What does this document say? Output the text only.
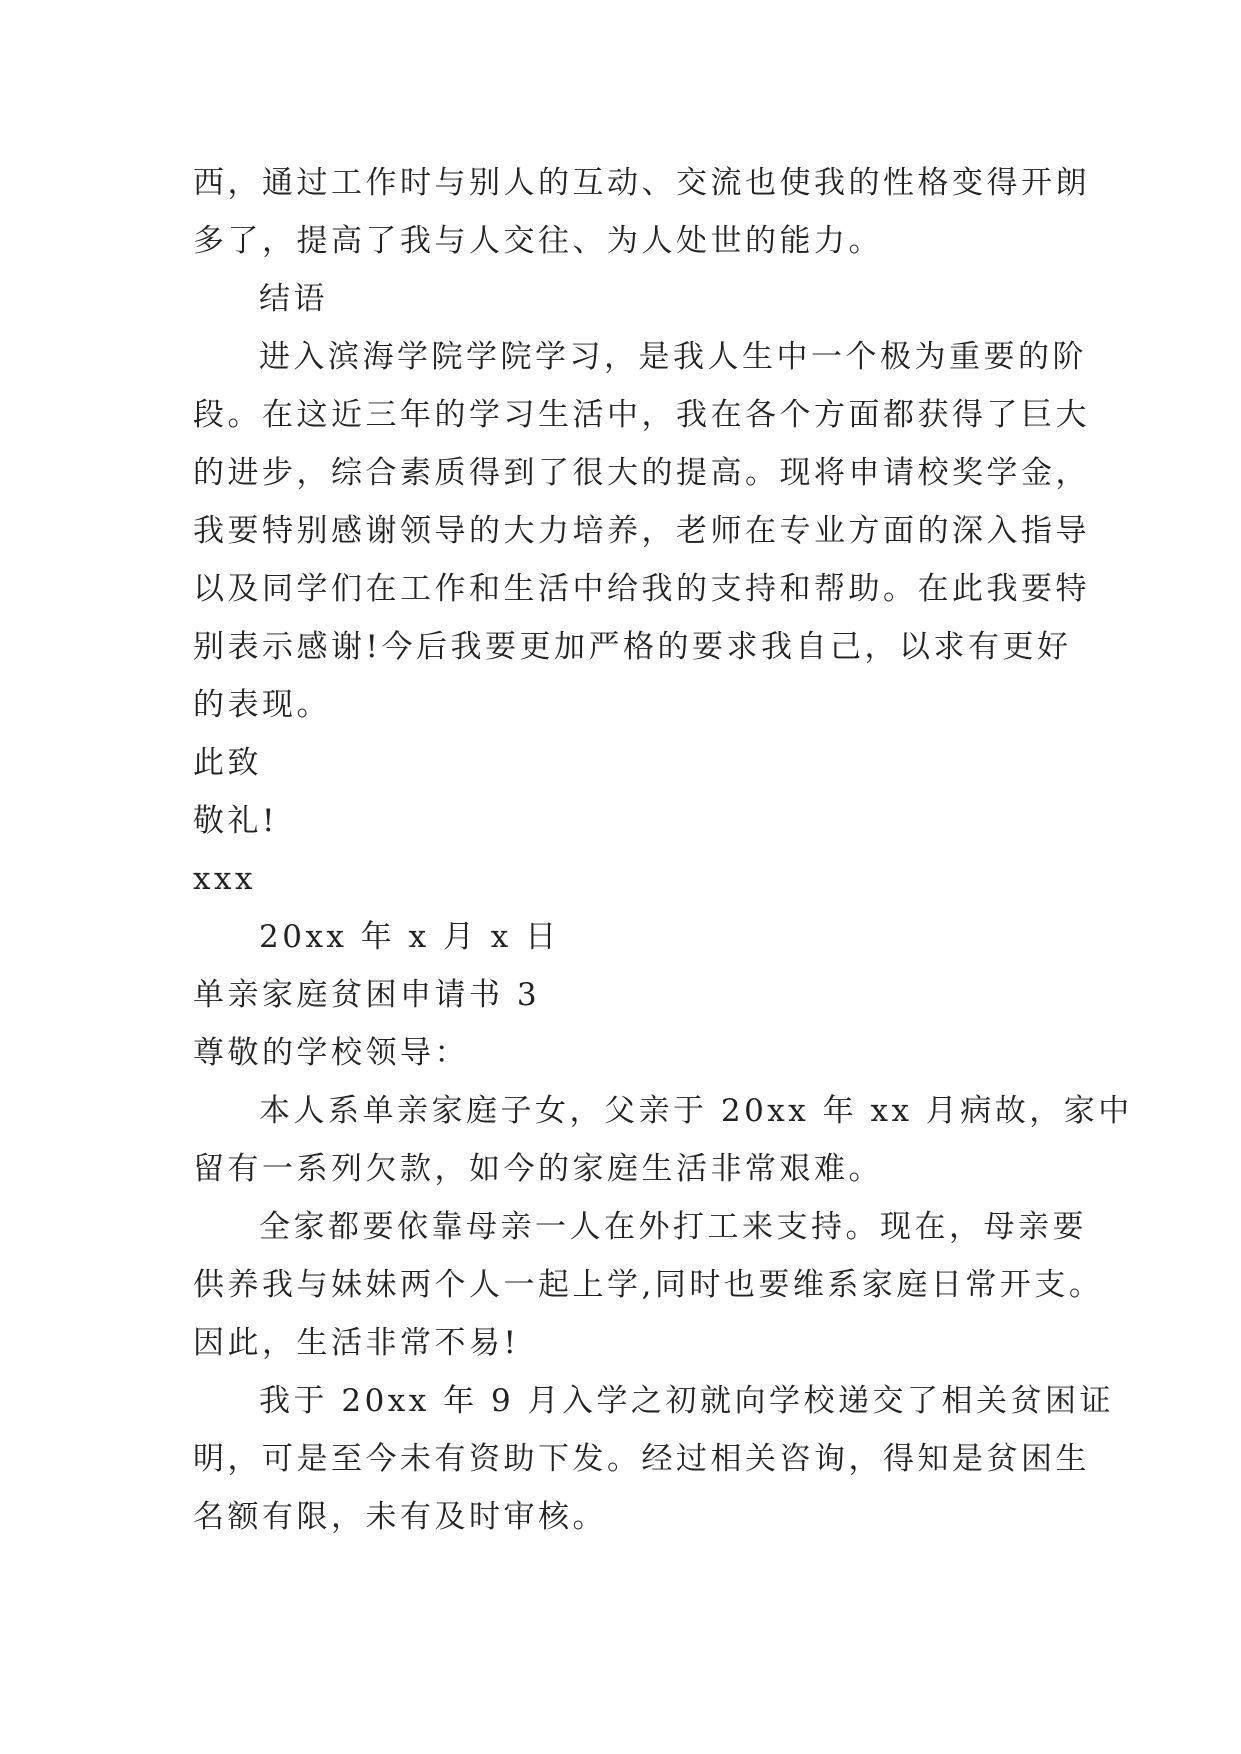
西，通过工作时与别人的互动、交流也使我的性格变得开朗
多了，提高了我与人交往、为人处世的能力。
结语
进入滨海学院学院学习，是我人生中一个极为重要的阶
段。在这近三年的学习生活中，我在各个方面都获得了巨大
的进步，综合素质得到了很大的提高。现将申请校奖学金，
我要特别感谢领导的大力培养，老师在专业方面的深入指导
以及同学们在工作和生活中给我的支持和帮助。在此我要特
别表示感谢!今后我要更加严格的要求我自己，以求有更好
的表现。
此致
敬礼!
xxx
20xx 年 x 月 x 日
单亲家庭贫困申请书 3
尊敬的学校领导：
本人系单亲家庭子女，父亲于 20xx 年 xx 月病故，家中
留有一系列欠款，如今的家庭生活非常艰难。
全家都要依靠母亲一人在外打工来支持。现在，母亲要
供养我与妹妹两个人一起上学,同时也要维系家庭日常开支。
因此，生活非常不易!
我于 20xx 年 9 月入学之初就向学校递交了相关贫困证
明，可是至今未有资助下发。经过相关咨询，得知是贫困生
名额有限，未有及时审核。
